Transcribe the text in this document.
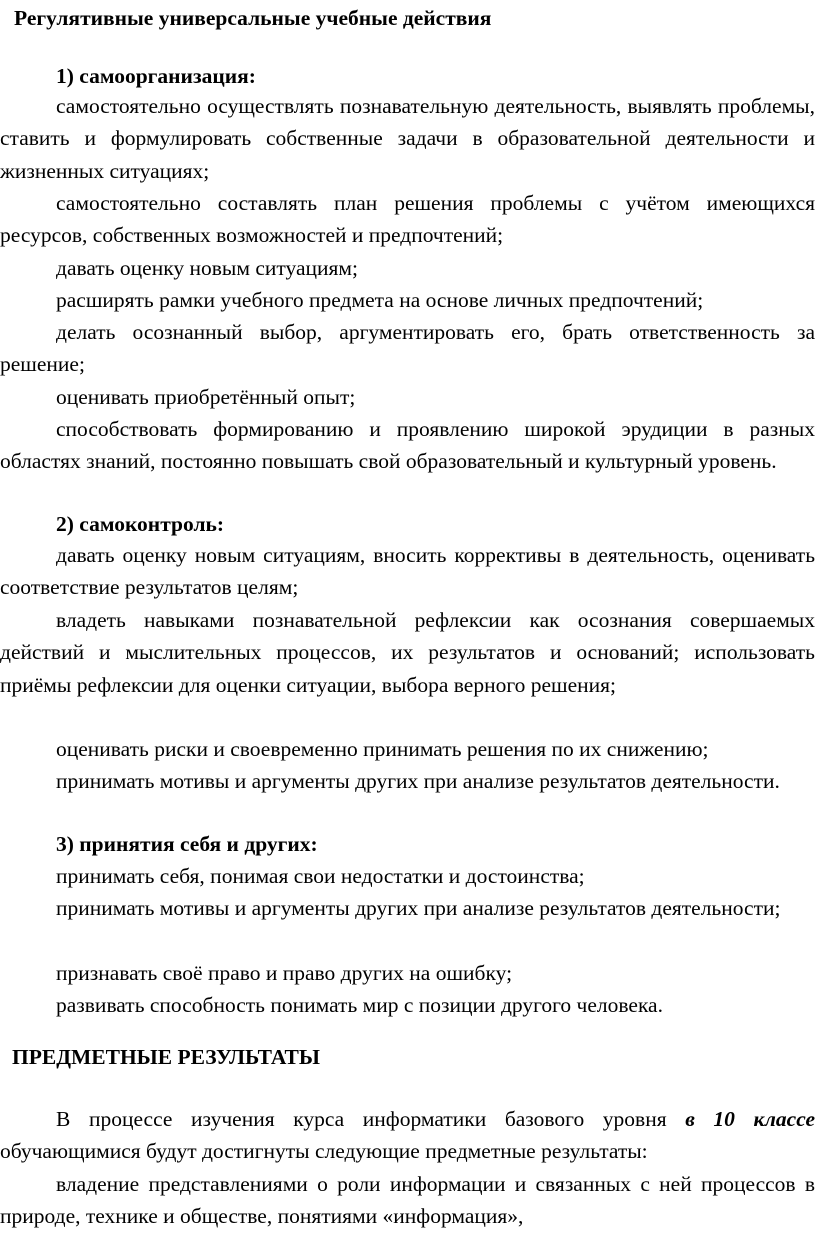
Регулятивные универсальные учебные действия
1) самоорганизация:

самостоятельно осуществлять познавательную деятельность, выявлять проблемы, ставить и формулировать собственные задачи в образовательной деятельности и жизненных ситуациях;

самостоятельно составлять план решения проблемы с учётом имеющихся ресурсов, собственных возможностей и предпочтений;

давать оценку новым ситуациям;

расширять рамки учебного предмета на основе личных предпочтений;

делать осознанный выбор, аргументировать его, брать ответственность за решение;

оценивать приобретённый опыт;

способствовать формированию и проявлению широкой эрудиции в разных областях знаний, постоянно повышать свой образовательный и культурный уровень.

2) самоконтроль:

давать оценку новым ситуациям, вносить коррективы в деятельность, оценивать соответствие результатов целям;

владеть навыками познавательной рефлексии как осознания совершаемых действий и мыслительных процессов, их результатов и оснований; использовать приёмы рефлексии для оценки ситуации, выбора верного решения;

оценивать риски и своевременно принимать решения по их снижению;

принимать мотивы и аргументы других при анализе результатов деятельности.

3) принятия себя и других:

принимать себя, понимая свои недостатки и достоинства;

принимать мотивы и аргументы других при анализе результатов деятельности;

признавать своё право и право других на ошибку;

развивать способность понимать мир с позиции другого человека.

ПРЕДМЕТНЫЕ РЕЗУЛЬТАТЫ

В процессе изучения курса информатики базового уровня в 10 классе обучающимися будут достигнуты следующие предметные результаты:

владение представлениями о роли информации и связанных с ней процессов в природе, технике и обществе, понятиями «информация»,
